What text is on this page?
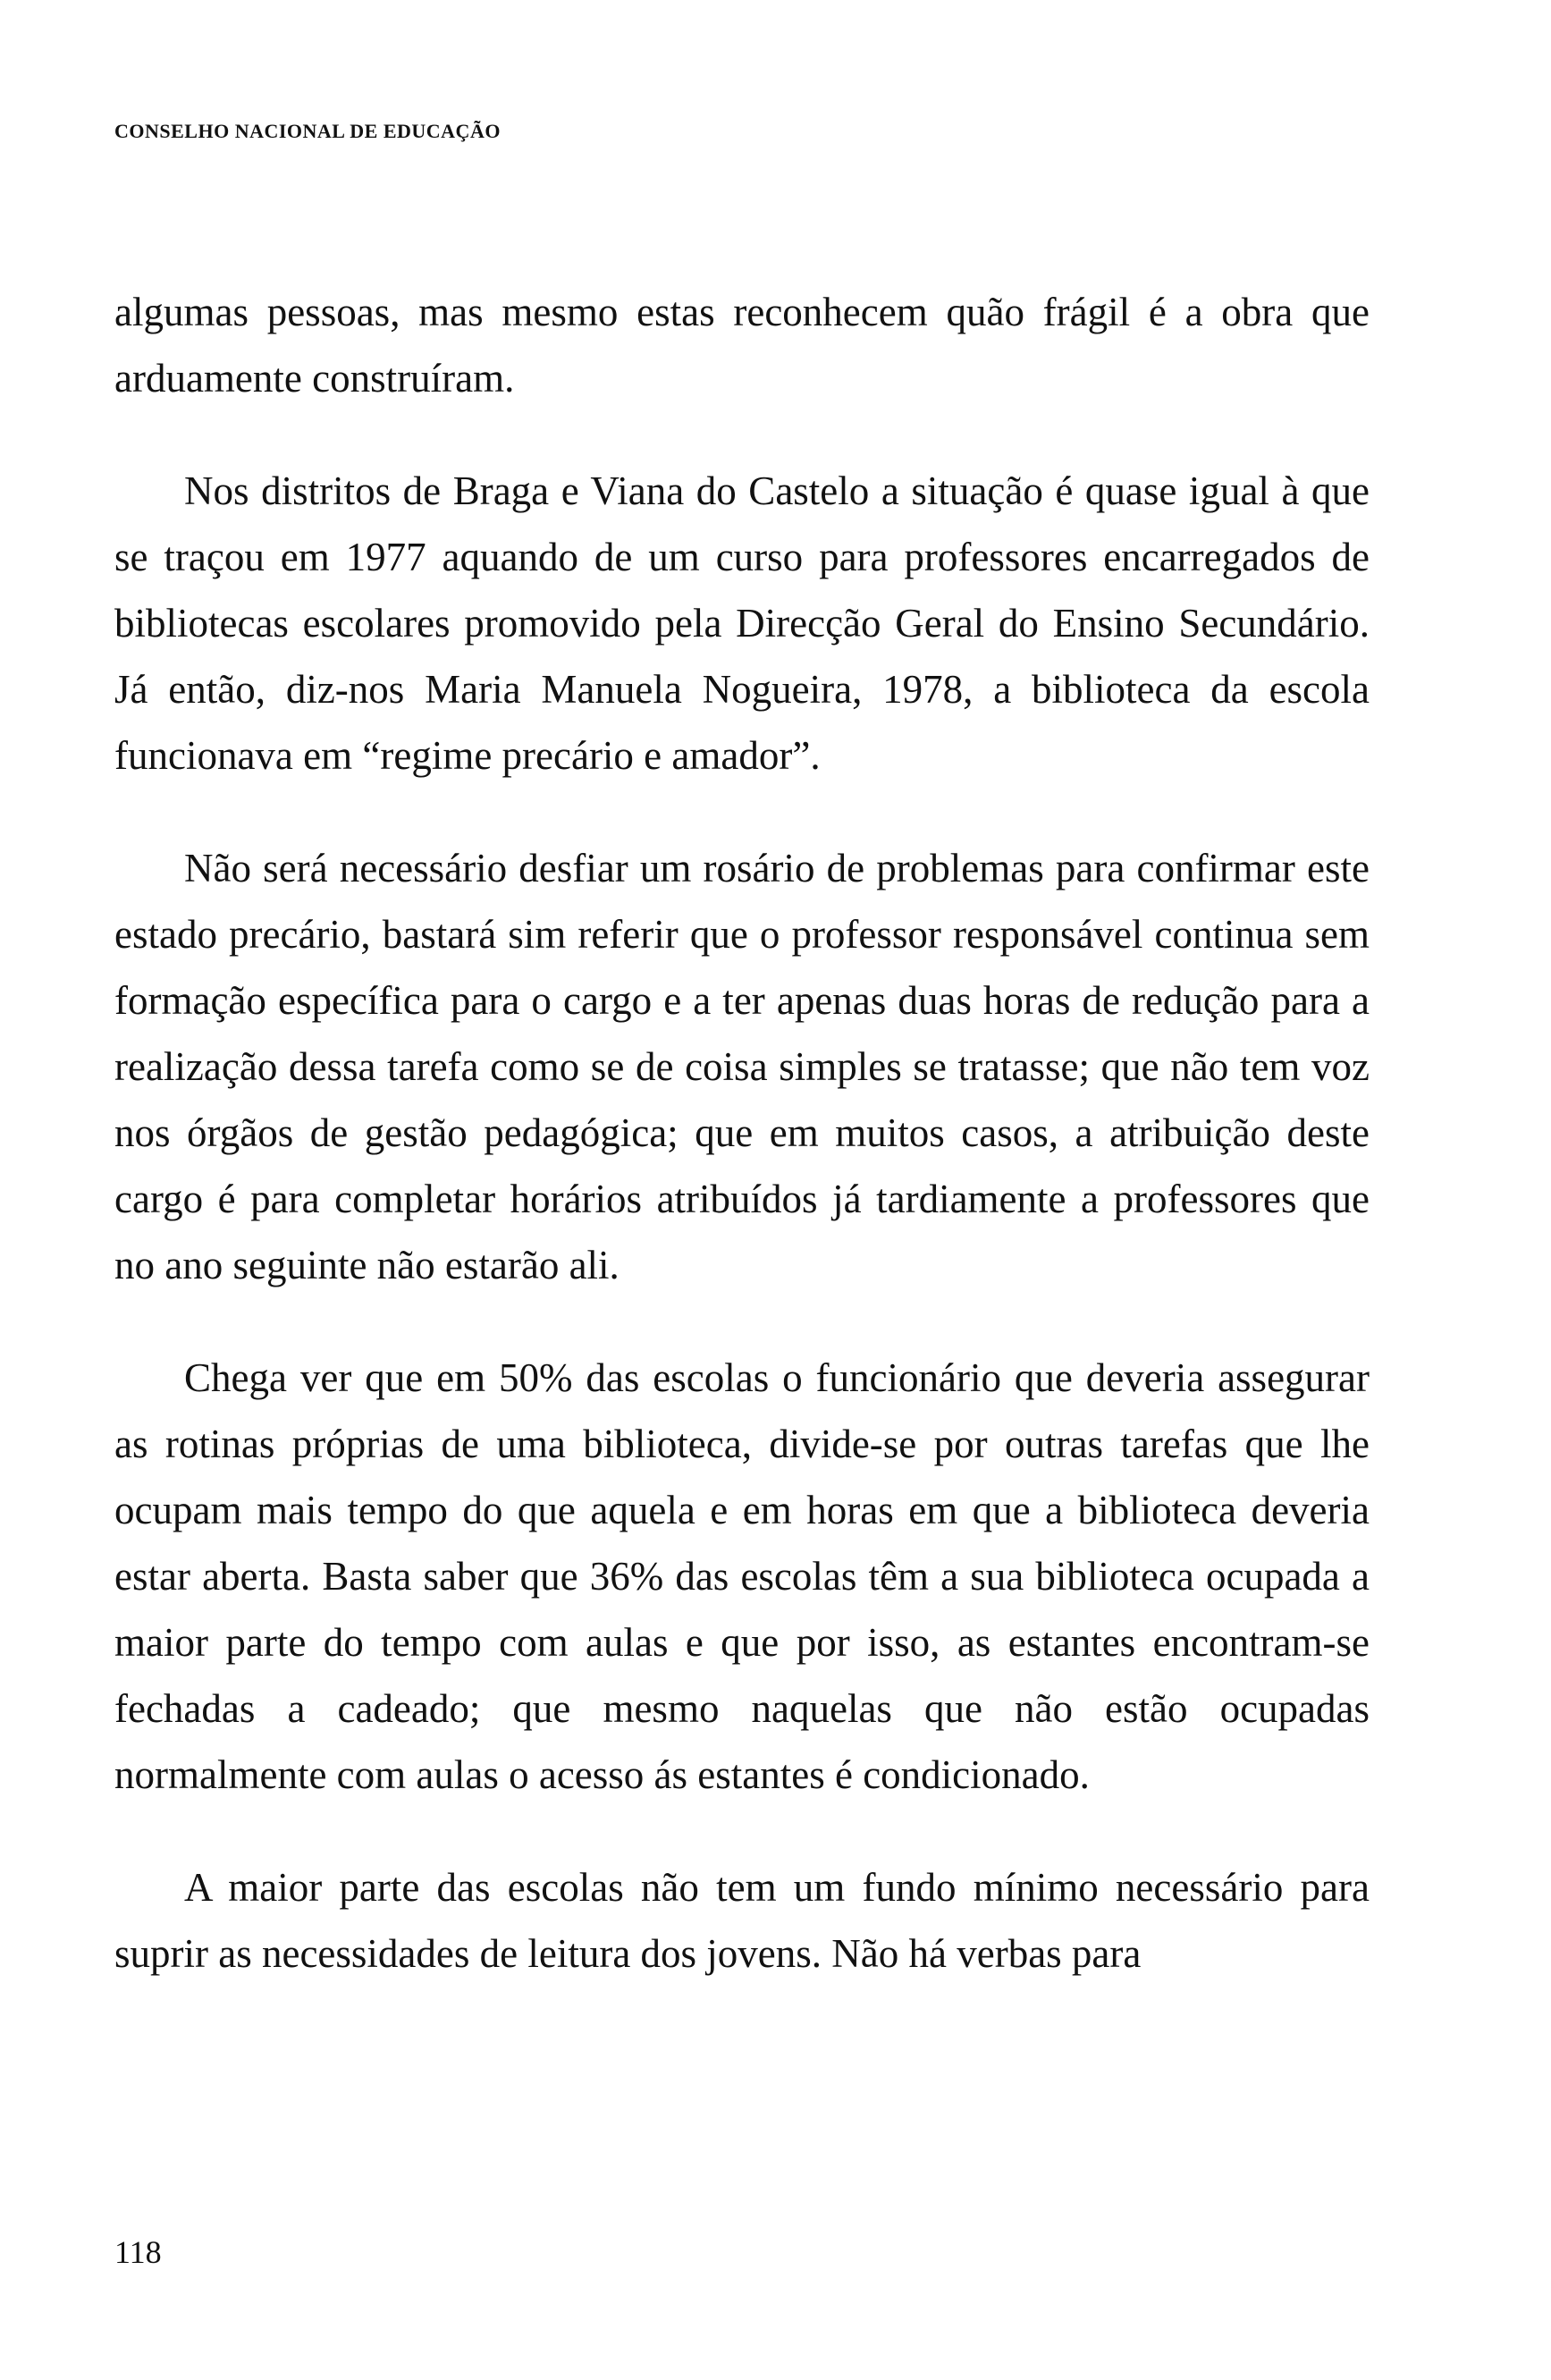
CONSELHO NACIONAL DE EDUCAÇÃO

algumas pessoas, mas mesmo estas reconhecem quão frágil é a obra que arduamente construíram.

Nos distritos de Braga e Viana do Castelo a situação é quase igual à que se traçou em 1977 aquando de um curso para professores encarregados de bibliotecas escolares promovido pela Direcção Geral do Ensino Secundário. Já então, diz-nos Maria Manuela Nogueira, 1978, a biblioteca da escola funcionava em “regime precário e amador”.

Não será necessário desfiar um rosário de problemas para confirmar este estado precário, bastará sim referir que o professor responsável continua sem formação específica para o cargo e a ter apenas duas horas de redução para a realização dessa tarefa como se de coisa simples se tratasse; que não tem voz nos órgãos de gestão pedagógica; que em muitos casos, a atribuição deste cargo é para completar horários atribuídos já tardiamente a professores que no ano seguinte não estarão ali.

Chega ver que em 50% das escolas o funcionário que deveria assegurar as rotinas próprias de uma biblioteca, divide-se por outras tarefas que lhe ocupam mais tempo do que aquela e em horas em que a biblioteca deveria estar aberta. Basta saber que 36% das escolas têm a sua biblioteca ocupada a maior parte do tempo com aulas e que por isso, as estantes encontram-se fechadas a cadeado; que mesmo naquelas que não estão ocupadas normalmente com aulas o acesso ás estantes é condicionado.

A maior parte das escolas não tem um fundo mínimo necessário para suprir as necessidades de leitura dos jovens. Não há verbas para

118
